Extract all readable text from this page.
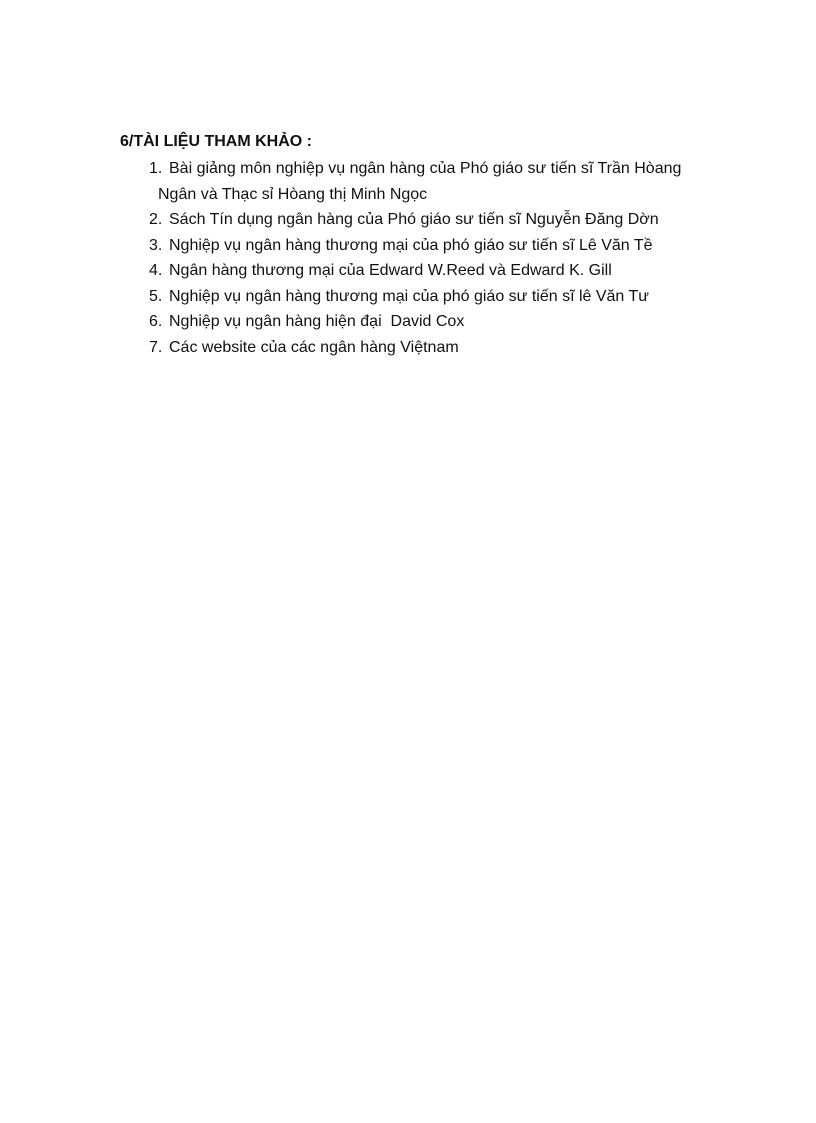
6/TÀI LIỆU THAM KHẢO :

1. Bài giảng môn nghiệp vụ ngân hàng của Phó giáo sư tiến sĩ Trần Hòang
Ngân và Thạc sỉ Hòang thị Minh Ngọc
2. Sách Tín dụng ngân hàng của Phó giáo sư tiến sĩ Nguyễn Đăng Dờn
3. Nghiệp vụ ngân hàng thương mại của phó giáo sư tiến sĩ Lê Văn Tề
4. Ngân hàng thương mại của Edward W.Reed và Edward K. Gill
5. Nghiệp vụ ngân hàng thương mại của phó giáo sư tiến sĩ lê Văn Tư
6. Nghiệp vụ ngân hàng hiện đại  David Cox
7. Các website của các ngân hàng Việtnam
